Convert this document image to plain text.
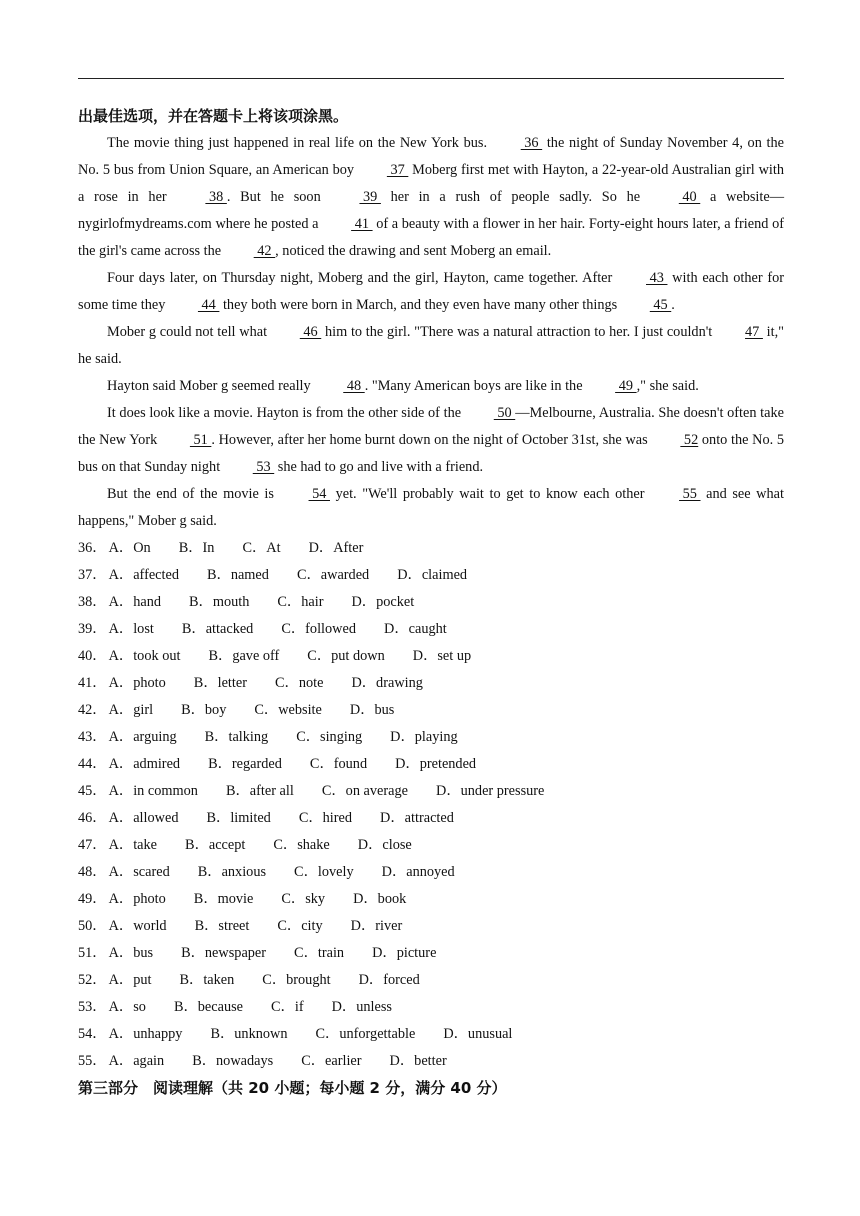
出最佳选项，并在答题卡上将该项涂黑。

The movie thing just happened in real life on the New York bus.  36  the night of Sunday November 4, on the No. 5 bus from Union Square, an American boy  37  Moberg first met with Hayton, a 22-year-old Australian girl with a rose in her  38 . But he soon  39  her in a rush of people sadly. So he  40  a website—nygirlofmydreams.com where he posted a  41  of a beauty with a flower in her hair. Forty-eight hours later, a friend of the girl's came across the  42 , noticed the drawing and sent Moberg an email.

Four days later, on Thursday night, Moberg and the girl, Hayton, came together. After  43  with each other for some time they  44  they both were born in March, and they even have many other things  45 .

Mober g could not tell what  46  him to the girl. "There was a natural attraction to her. I just couldn't 47  it," he said.

Hayton said Mober g seemed really  48 . "Many American boys are like in the  49 ," she said.

It does look like a movie. Hayton is from the other side of the  50 —Melbourne, Australia. She doesn't often take the New York  51 . However, after her home burnt down on the night of October 31st, she was  52 onto the No. 5 bus on that Sunday night  53  she had to go and live with a friend.

But the end of the movie is  54  yet. "We'll probably wait to get to know each other  55  and see what happens," Mober g said.

36． A．On B．In C．At D．After
37． A．affected B．named C．awarded D．claimed
38． A．hand B．mouth C．hair D．pocket
39． A．lost B．attacked C．followed D．caught
40． A．took out B．gave off C．put down D．set up
41． A．photo B．letter C．note D．drawing
42． A．girl B．boy C．website D．bus
43． A．arguing B．talking C．singing D．playing
44． A．admired B．regarded C．found D．pretended
45． A．in common B．after all C．on average D．under pressure
46． A．allowed B．limited C．hired D．attracted
47． A．take B．accept C．shake D．close
48． A．scared B．anxious C．lovely D．annoyed
49． A．photo B．movie C．sky D．book
50． A．world B．street C．city D．river
51． A．bus B．newspaper C．train D．picture
52． A．put B．taken C．brought D．forced
53． A．so B．because C．if D．unless
54． A．unhappy B．unknown C．unforgettable D．unusual
55． A．again B．nowadays C．earlier D．better
第三部分　阅读理解（共 20 小题；每小题 2 分，满分 40 分）
